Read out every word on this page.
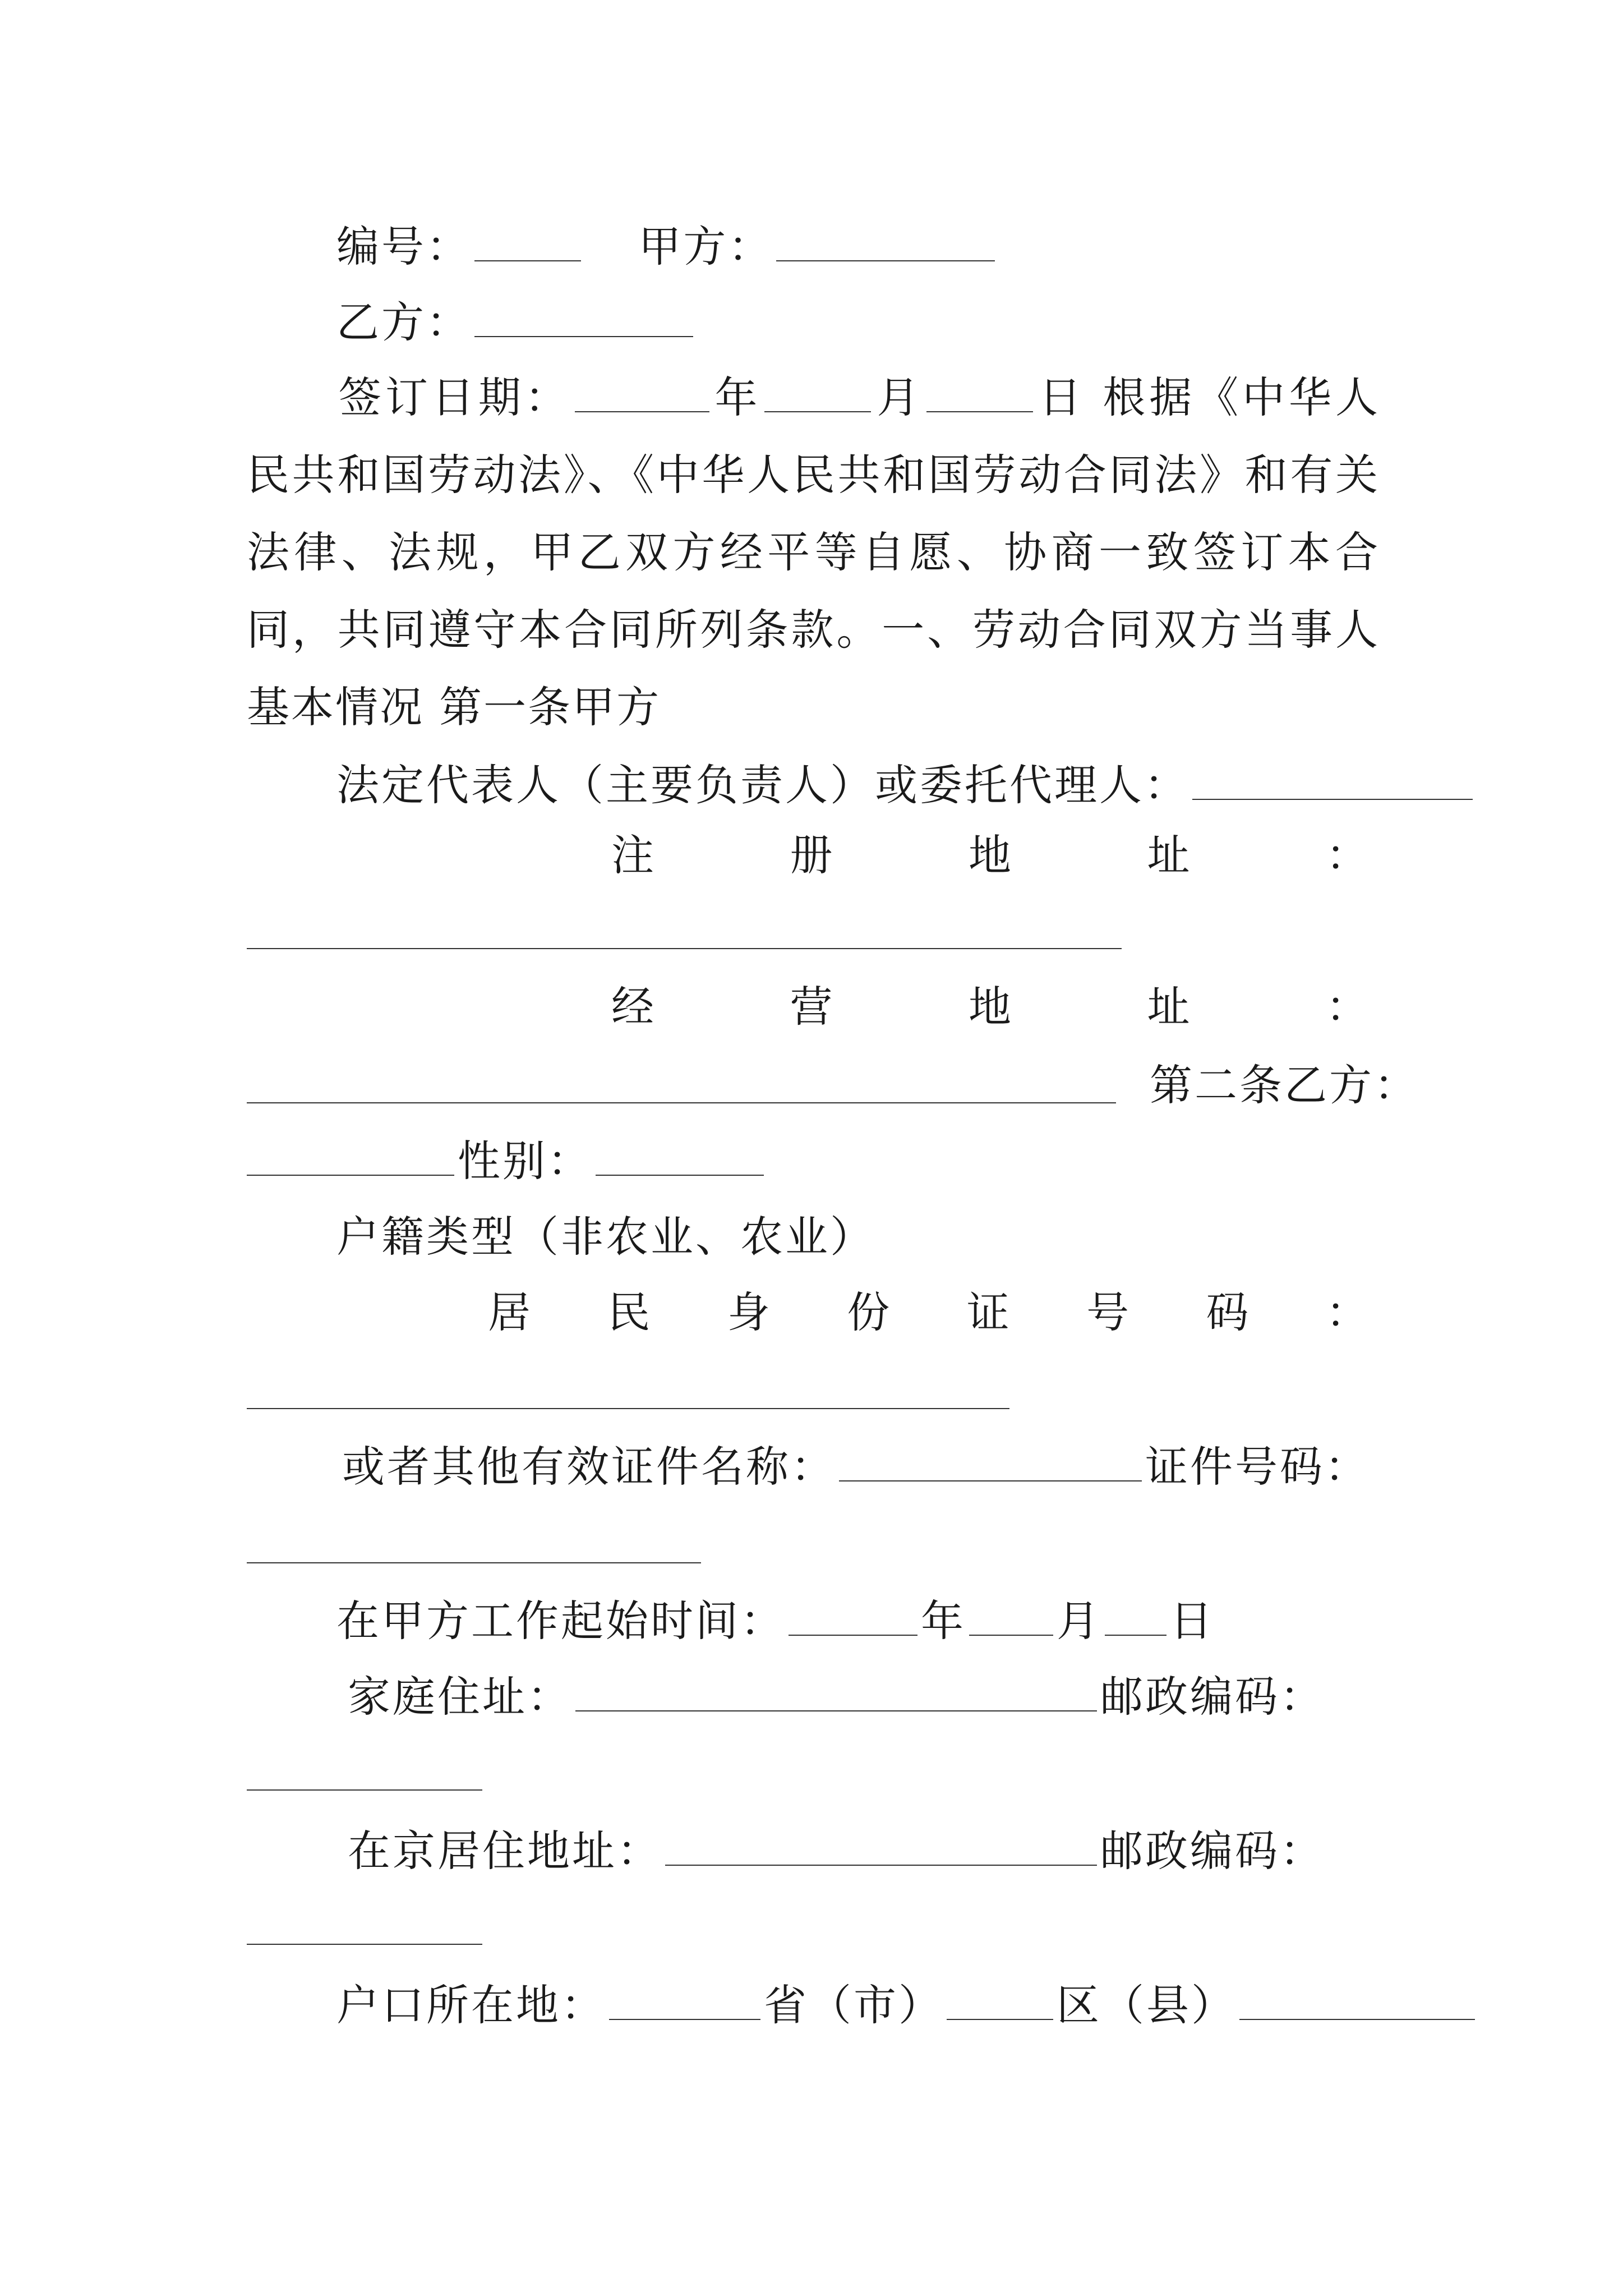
编号：	甲方：
乙方：
签订日期：	年	月	日 根据《中华人民共和国劳动法》、《中华人民共和国劳动合同法》和有关法律、法规，甲乙双方经平等自愿、协商一致签订本合同，共同遵守本合同所列条款。一、劳动合同双方当事人基本情况 第一条甲方
法定代表人（主要负责人）或委托代理人：
注	册	地	址	：
经	营	地	址	：
第二条乙方：
性别：
户籍类型（非农业、农业）
居 民 身 份 证 号 码 ：
或者其他有效证件名称：	证件号码：
在甲方工作起始时间：	年 月 日
家庭住址：	邮政编码：
在京居住地址：	邮政编码：
户口所在地：	省（市）	区（县）
